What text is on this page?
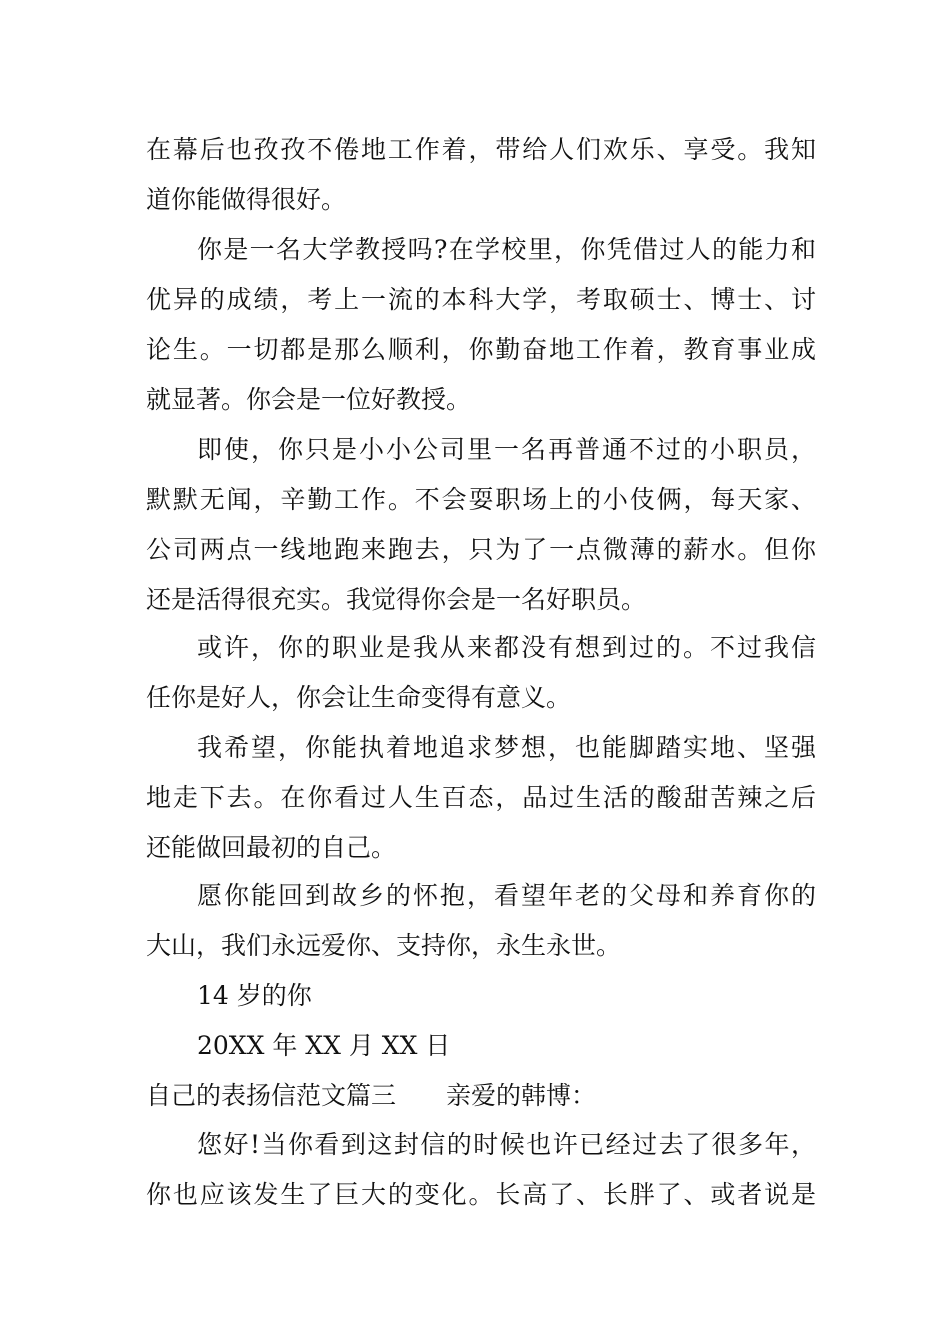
在幕后也孜孜不倦地工作着，带给人们欢乐、享受。我知
道你能做得很好。
你是一名大学教授吗?在学校里，你凭借过人的能力和
优异的成绩，考上一流的本科大学，考取硕士、博士、讨
论生。一切都是那么顺利，你勤奋地工作着，教育事业成
就显著。你会是一位好教授。
即使，你只是小小公司里一名再普通不过的小职员，
默默无闻，辛勤工作。不会耍职场上的小伎俩，每天家、
公司两点一线地跑来跑去，只为了一点微薄的薪水。但你
还是活得很充实。我觉得你会是一名好职员。
或许，你的职业是我从来都没有想到过的。不过我信
任你是好人，你会让生命变得有意义。
我希望，你能执着地追求梦想，也能脚踏实地、坚强
地走下去。在你看过人生百态，品过生活的酸甜苦辣之后
还能做回最初的自己。
愿你能回到故乡的怀抱，看望年老的父母和养育你的
大山，我们永远爱你、支持你，永生永世。
14 岁的你
20XX 年 XX 月 XX 日
自己的表扬信范文篇三 亲爱的韩博：
您好!当你看到这封信的时候也许已经过去了很多年，
你也应该发生了巨大的变化。长高了、长胖了、或者说是
